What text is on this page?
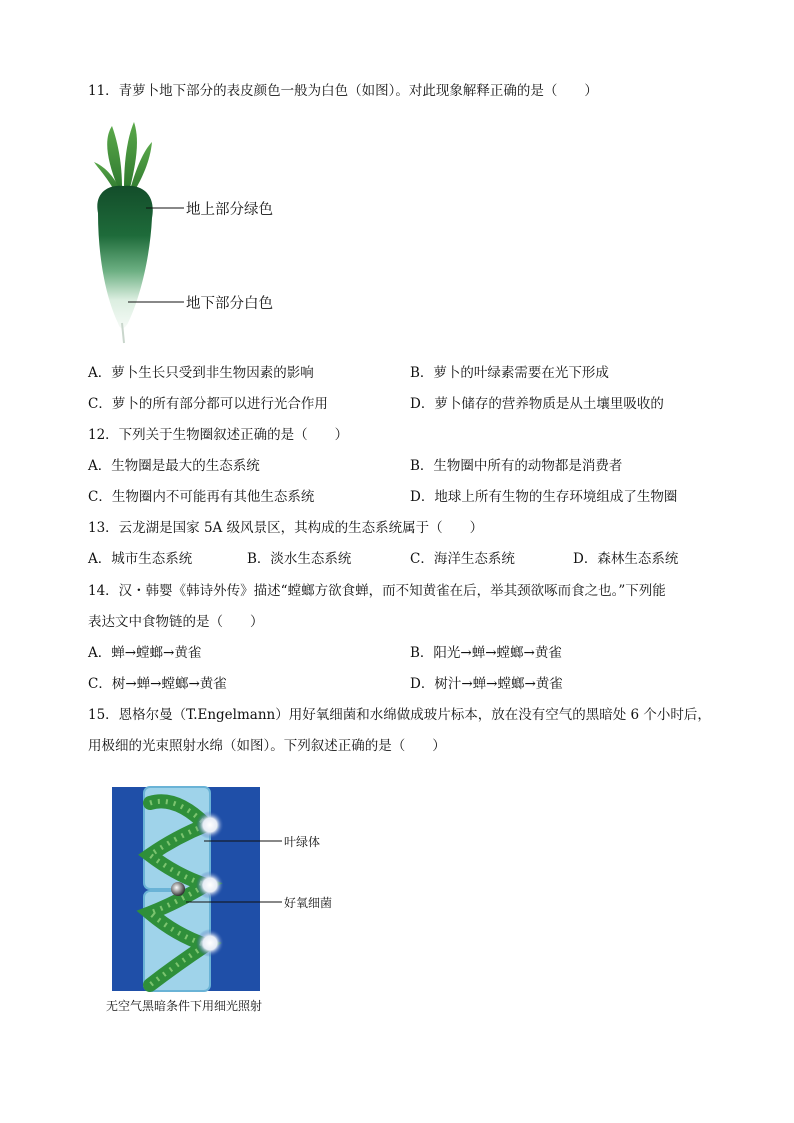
11．青萝卜地下部分的表皮颜色一般为白色（如图）。对此现象解释正确的是（　　）
地上部分绿色
地下部分白色
A．萝卜生长只受到非生物因素的影响	B．萝卜的叶绿素需要在光下形成
C．萝卜的所有部分都可以进行光合作用	D．萝卜储存的营养物质是从土壤里吸收的
12．下列关于生物圈叙述正确的是（　　）
A．生物圈是最大的生态系统	B．生物圈中所有的动物都是消费者
C．生物圈内不可能再有其他生态系统	D．地球上所有生物的生存环境组成了生物圈
13．云龙湖是国家 5A 级风景区，其构成的生态系统属于（　　）
A．城市生态系统	B．淡水生态系统	C．海洋生态系统	D．森林生态系统
14．汉・韩婴《韩诗外传》描述“螳螂方欲食蝉，而不知黄雀在后，举其颈欲啄而食之也。”下列能
表达文中食物链的是（　　）
A．蝉→螳螂→黄雀	B．阳光→蝉→螳螂→黄雀
C．树→蝉→螳螂→黄雀	D．树汁→蝉→螳螂→黄雀
15．恩格尔曼（T.Engelmann）用好氧细菌和水绵做成玻片标本，放在没有空气的黑暗处 6 个小时后，
用极细的光束照射水绵（如图）。下列叙述正确的是（　　）
叶绿体
好氧细菌
无空气黑暗条件下用细光照射
